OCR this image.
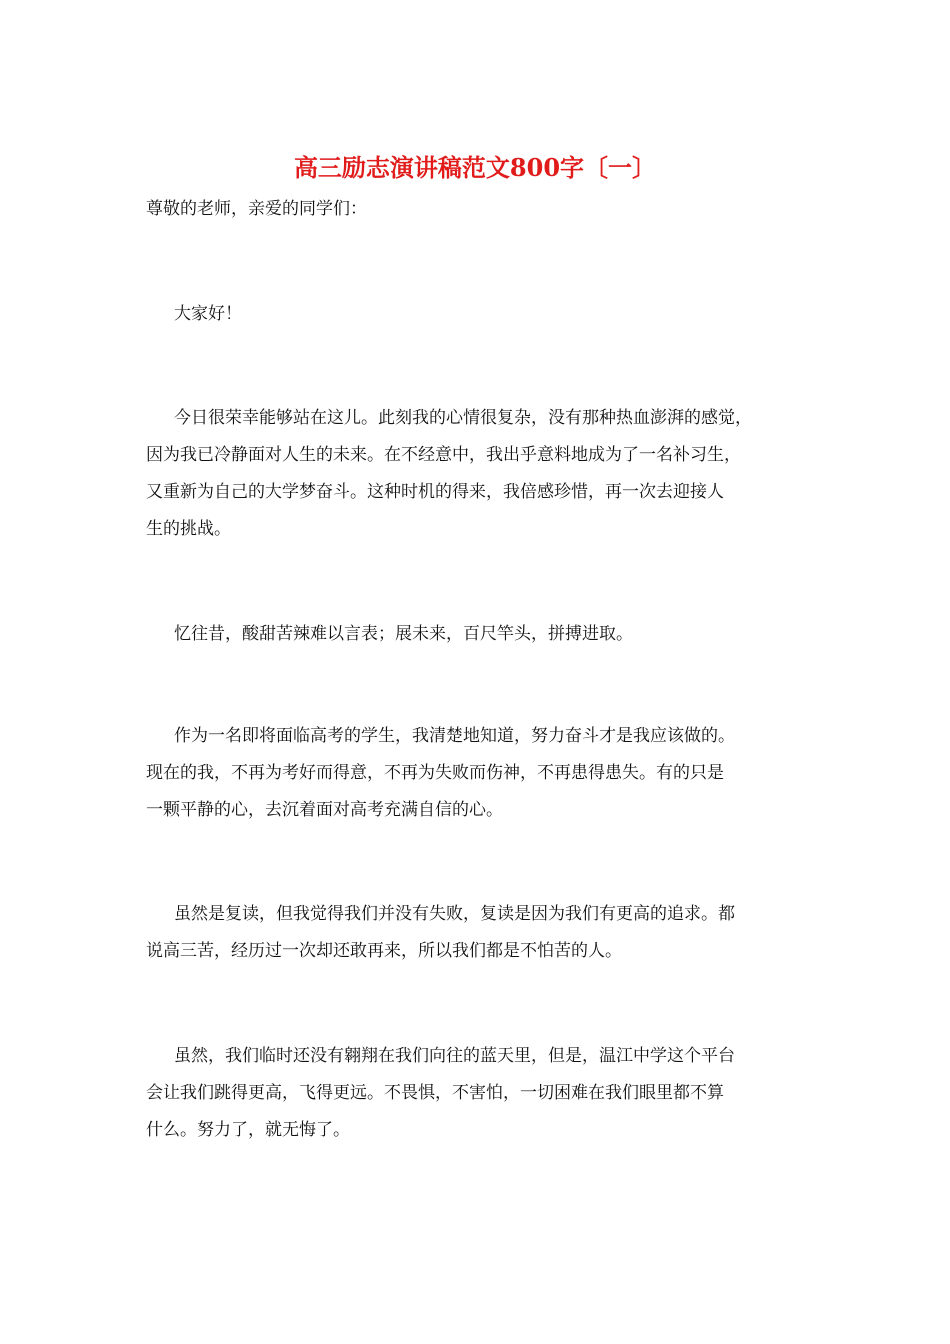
高三励志演讲稿范文800字〔一〕

尊敬的老师，亲爱的同学们：

大家好！

今日很荣幸能够站在这儿。此刻我的心情很复杂，没有那种热血澎湃的感觉，
因为我已冷静面对人生的未来。在不经意中，我出乎意料地成为了一名补习生，
又重新为自己的大学梦奋斗。这种时机的得来，我倍感珍惜，再一次去迎接人
生的挑战。

忆往昔，酸甜苦辣难以言表；展未来，百尺竿头，拼搏进取。

作为一名即将面临高考的学生，我清楚地知道，努力奋斗才是我应该做的。
现在的我，不再为考好而得意，不再为失败而伤神，不再患得患失。有的只是
一颗平静的心，去沉着面对高考充满自信的心。

虽然是复读，但我觉得我们并没有失败，复读是因为我们有更高的追求。都
说高三苦，经历过一次却还敢再来，所以我们都是不怕苦的人。

虽然，我们临时还没有翱翔在我们向往的蓝天里，但是，温江中学这个平台
会让我们跳得更高，飞得更远。不畏惧，不害怕，一切困难在我们眼里都不算
什么。努力了，就无悔了。
